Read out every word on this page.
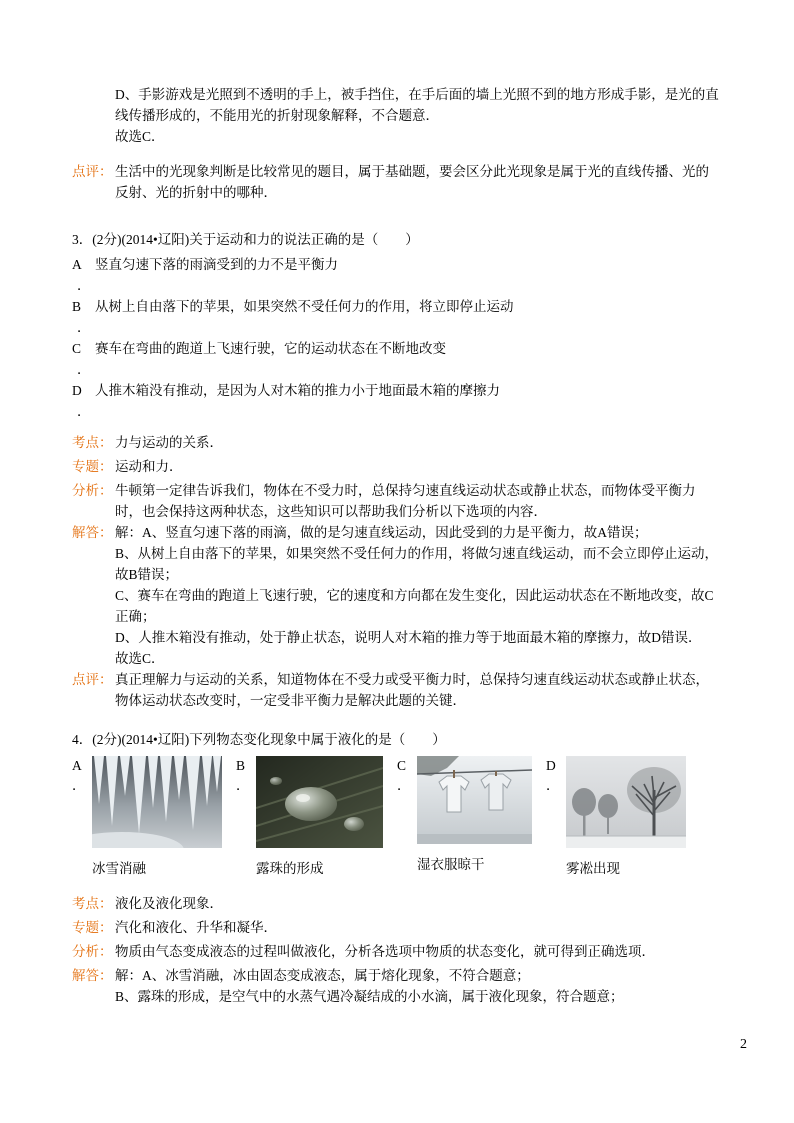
D、手影游戏是光照到不透明的手上，被手挡住，在手后面的墙上光照不到的地方形成手影，是光的直线传播形成的，不能用光的折射现象解释，不合题意．

故选C．

点评： 生活中的光现象判断是比较常见的题目，属于基础题，要会区分此光现象是属于光的直线传播、光的反射、光的折射中的哪种．

3．(2分)(2014•辽阳)关于运动和力的说法正确的是（　　）

A 竖直匀速下落的雨滴受到的力不是平衡力
．
B 从树上自由落下的苹果，如果突然不受任何力的作用，将立即停止运动
．
C 赛车在弯曲的跑道上飞速行驶，它的运动状态在不断地改变
．
D 人推木箱没有推动，是因为人对木箱的推力小于地面最木箱的摩擦力
．
考点： 力与运动的关系．
专题： 运动和力．
分析： 牛顿第一定律告诉我们，物体在不受力时，总保持匀速直线运动状态或静止状态，而物体受平衡力时，也会保持这两种状态，这些知识可以帮助我们分析以下选项的内容．
解答： 解：A、竖直匀速下落的雨滴，做的是匀速直线运动，因此受到的力是平衡力，故A错误；

B、从树上自由落下的苹果，如果突然不受任何力的作用，将做匀速直线运动，而不会立即停止运动，故B错误；

C、赛车在弯曲的跑道上飞速行驶，它的速度和方向都在发生变化，因此运动状态在不断地改变，故C正确；

D、人推木箱没有推动，处于静止状态，说明人对木箱的推力等于地面最木箱的摩擦力，故D错误．

故选C．

点评： 真正理解力与运动的关系，知道物体在不受力或受平衡力时，总保持匀速直线运动状态或静止状态，物体运动状态改变时，一定受非平衡力是解决此题的关键．

4．(2分)(2014•辽阳)下列物态变化现象中属于液化的是（　　）

A
．
冰雪消融
B
．
露珠的形成
C
．
湿衣服晾干
D
．
雾凇出现
考点： 液化及液化现象．
专题： 汽化和液化、升华和凝华．
分析： 物质由气态变成液态的过程叫做液化，分析各选项中物质的状态变化，就可得到正确选项．
解答： 解：A、冰雪消融，冰由固态变成液态，属于熔化现象，不符合题意；

B、露珠的形成，是空气中的水蒸气遇冷凝结成的小水滴，属于液化现象，符合题意；

2
